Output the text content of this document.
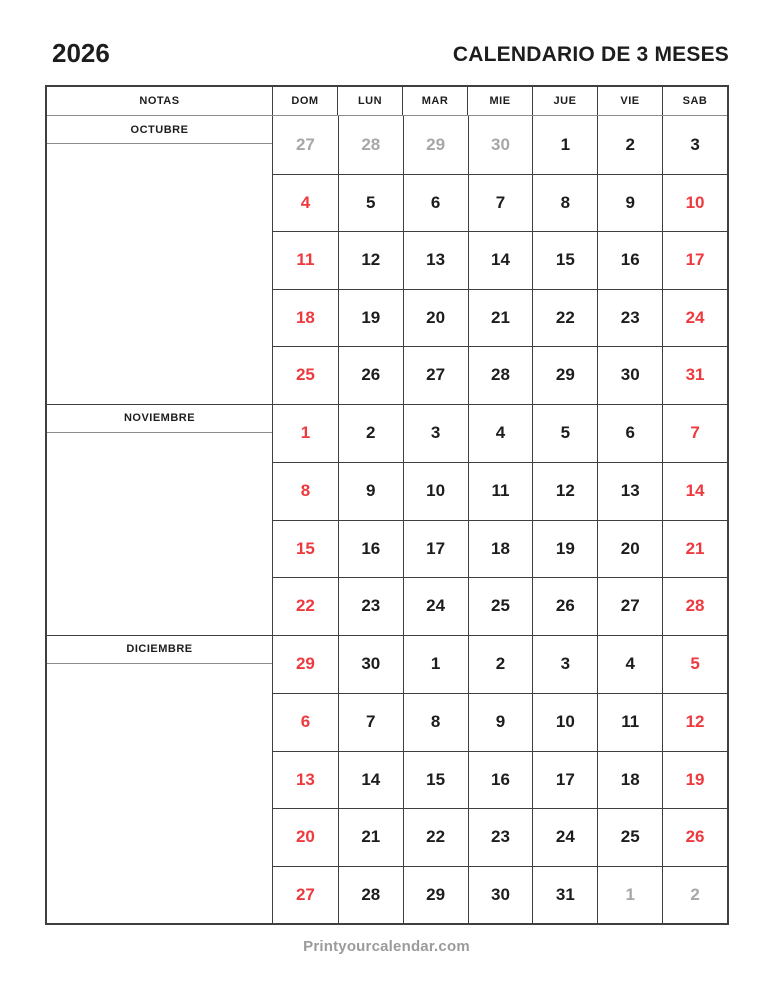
2026	CALENDARIO DE 3 MESES
NOTAS	DOM	LUN	MAR	MIE	JUE	VIE	SAB
OCTUBRE
27	28	29	30	1	2	3
4	5	6	7	8	9	10
11	12	13	14	15	16	17
18	19	20	21	22	23	24
25	26	27	28	29	30	31
NOVIEMBRE
1	2	3	4	5	6	7
8	9	10	11	12	13	14
15	16	17	18	19	20	21
22	23	24	25	26	27	28
DICIEMBRE
29	30	1	2	3	4	5
6	7	8	9	10	11	12
13	14	15	16	17	18	19
20	21	22	23	24	25	26
27	28	29	30	31	1	2
Printyourcalendar.com
